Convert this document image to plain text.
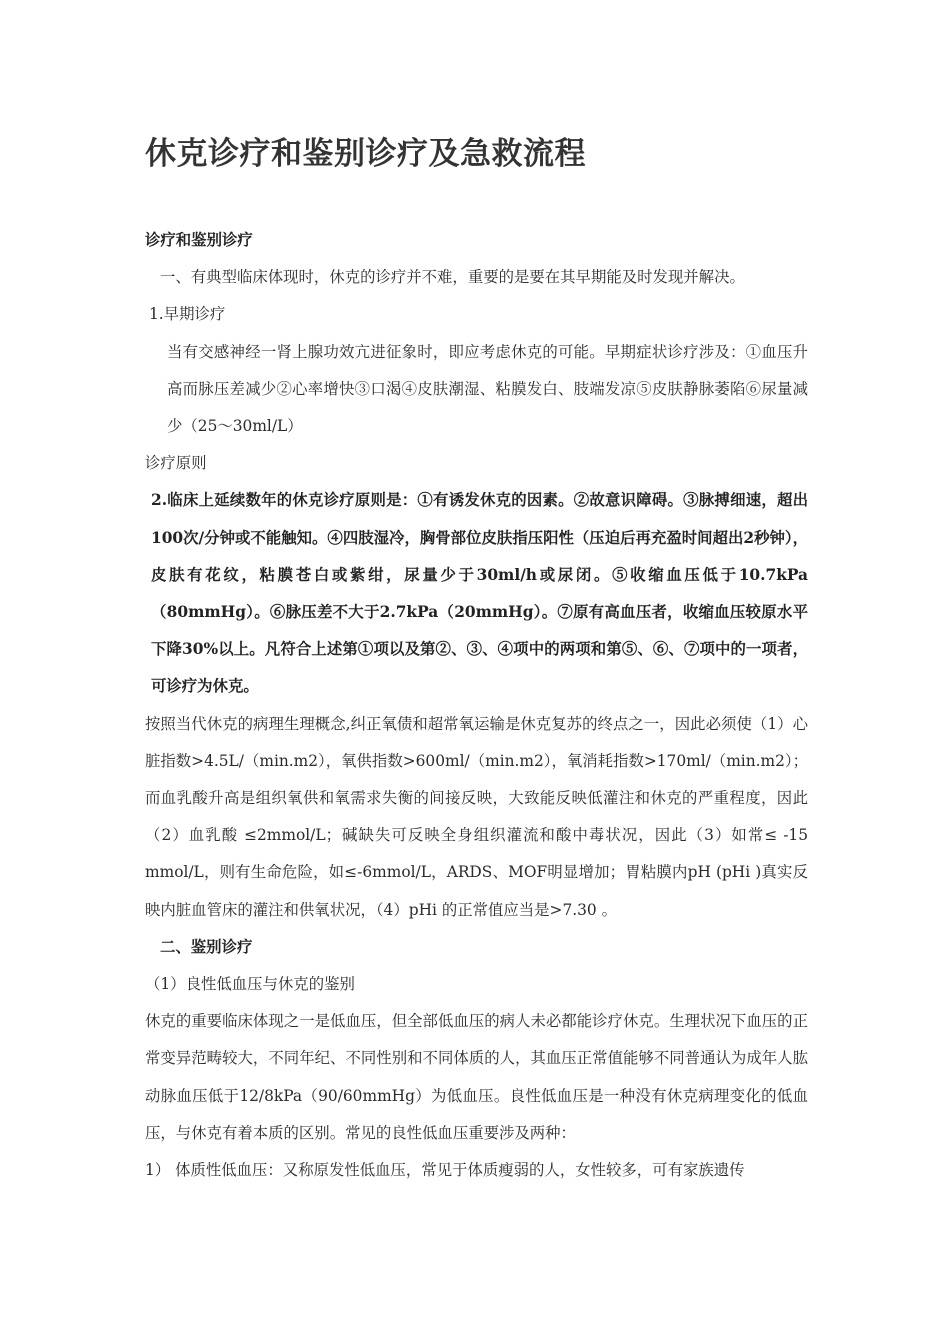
休克诊疗和鉴别诊疗及急救流程

诊疗和鉴别诊疗

一、有典型临床体现时，休克的诊疗并不难，重要的是要在其早期能及时发现并解决。

1.早期诊疗

当有交感神经一肾上腺功效亢进征象时，即应考虑休克的可能。早期症状诊疗涉及：①血压升高而脉压差减少②心率增快③口渴④皮肤潮湿、粘膜发白、肢端发凉⑤皮肤静脉萎陷⑥尿量减少（25～30ml/L）

诊疗原则

2.临床上延续数年的休克诊疗原则是：①有诱发休克的因素。②故意识障碍。③脉搏细速，超出100次/分钟或不能触知。④四肢湿冷，胸骨部位皮肤指压阳性（压迫后再充盈时间超出2秒钟），皮肤有花纹，粘膜苍白或紫绀，尿量少于30ml/h或尿闭。⑤收缩血压低于10.7kPa（80mmHg）。⑥脉压差不大于2.7kPa（20mmHg）。⑦原有高血压者，收缩血压较原水平下降30%以上。凡符合上述第①项以及第②、③、④项中的两项和第⑤、⑥、⑦项中的一项者，可诊疗为休克。

按照当代休克的病理生理概念,纠正氧债和超常氧运输是休克复苏的终点之一，因此必须使（1）心脏指数>4.5L/（min.m2），氧供指数>600ml/（min.m2），氧消耗指数>170ml/（min.m2）；而血乳酸升高是组织氧供和氧需求失衡的间接反映，大致能反映低灌注和休克的严重程度，因此（2）血乳酸 ≤2mmol/L；碱缺失可反映全身组织灌流和酸中毒状况，因此（3）如常≤ -15 mmol/L，则有生命危险，如≤-6mmol/L，ARDS、MOF明显增加；胃粘膜内pH (pHi )真实反映内脏血管床的灌注和供氧状况，（4）pHi 的正常值应当是>7.30 。

二、鉴别诊疗

（1）良性低血压与休克的鉴别

休克的重要临床体现之一是低血压，但全部低血压的病人未必都能诊疗休克。生理状况下血压的正常变异范畴较大，不同年纪、不同性别和不同体质的人，其血压正常值能够不同普通认为成年人肱动脉血压低于12/8kPa（90/60mmHg）为低血压。良性低血压是一种没有休克病理变化的低血压，与休克有着本质的区别。常见的良性低血压重要涉及两种：

1） 体质性低血压：又称原发性低血压，常见于体质瘦弱的人，女性较多，可有家族遗传
